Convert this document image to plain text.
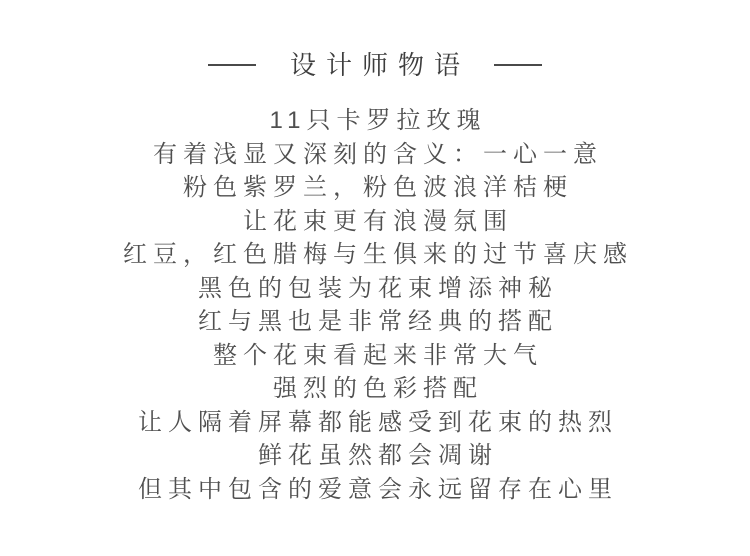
设计师物语
11只卡罗拉玫瑰
有着浅显又深刻的含义：一心一意
粉色紫罗兰，粉色波浪洋桔梗
让花束更有浪漫氛围
红豆，红色腊梅与生俱来的过节喜庆感
黑色的包装为花束增添神秘
红与黑也是非常经典的搭配
整个花束看起来非常大气
强烈的色彩搭配
让人隔着屏幕都能感受到花束的热烈
鲜花虽然都会凋谢
但其中包含的爱意会永远留存在心里
